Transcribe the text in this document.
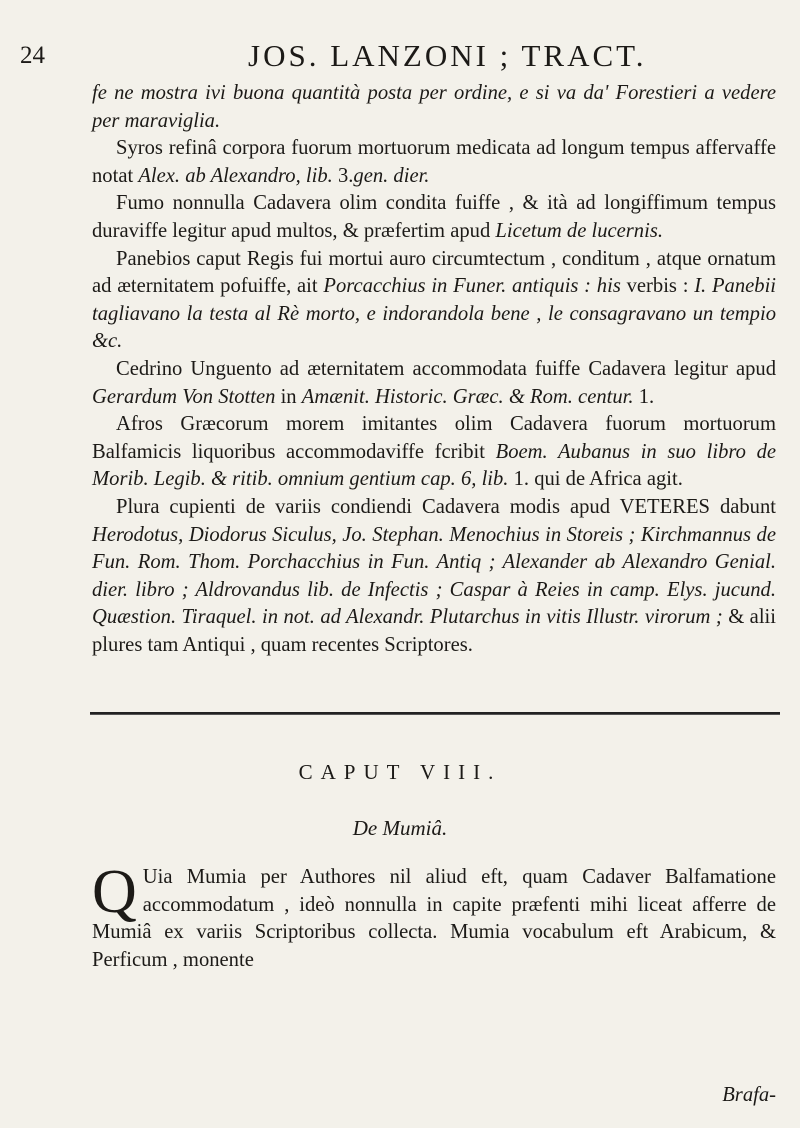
24	JOS. LANZONI ; TRACT.

fe ne mostra ivi buona quantità posta per ordine, e si va da' Forestieri a vedere per maraviglia.

Syros refinâ corpora fuorum mortuorum medicata ad longum tempus affervaffe notat Alex. ab Alexandro, lib. 3.gen. dier.

Fumo nonnulla Cadavera olim condita fuiffe , & ità ad longiffimum tempus duraviffe legitur apud multos, & præfertim apud Licetum de lucernis.

Panebios caput Regis fui mortui auro circumtectum , conditum , atque ornatum ad æternitatem pofuiffe, ait Porcacchius in Funer. antiquis : his verbis : I. Panebii tagliavano la testa al Rè morto, e indorandola bene , le consagravano un tempio &c.

Cedrino Unguento ad æternitatem accommodata fuiffe Cadavera legitur apud Gerardum Von Stotten in Amænit. Historic. Græc. & Rom. centur. 1.

Afros Græcorum morem imitantes olim Cadavera fuorum mortuorum Balfamicis liquoribus accommodaviffe fcribit Boem. Aubanus in suo libro de Morib. Legib. & ritib. omnium gentium cap. 6, lib. 1. qui de Africa agit.

Plura cupienti de variis condiendi Cadavera modis apud VETERES dabunt Herodotus, Diodorus Siculus, Jo. Stephan. Menochius in Storeis ; Kirchmannus de Fun. Rom. Thom. Porchacchius in Fun. Antiq ; Alexander ab Alexandro Genial. dier. libro ; Aldrovandus lib. de Infectis ; Caspar à Reies in camp. Elys. jucund. Quæstion. Tiraquel. in not. ad Alexandr. Plutarchus in vitis Illustr. virorum ; & alii plures tam Antiqui , quam recentes Scriptores.

CAPUT VIII.
De Mumiâ.
Q Uia Mumia per Authores nil aliud eft, quam Cadaver Balfamatione accommodatum , ideò nonnulla in capite præfenti mihi liceat afferre de Mumiâ ex variis Scriptoribus collecta. Mumia vocabulum eft Arabicum, & Perficum , monente
Brafa-
